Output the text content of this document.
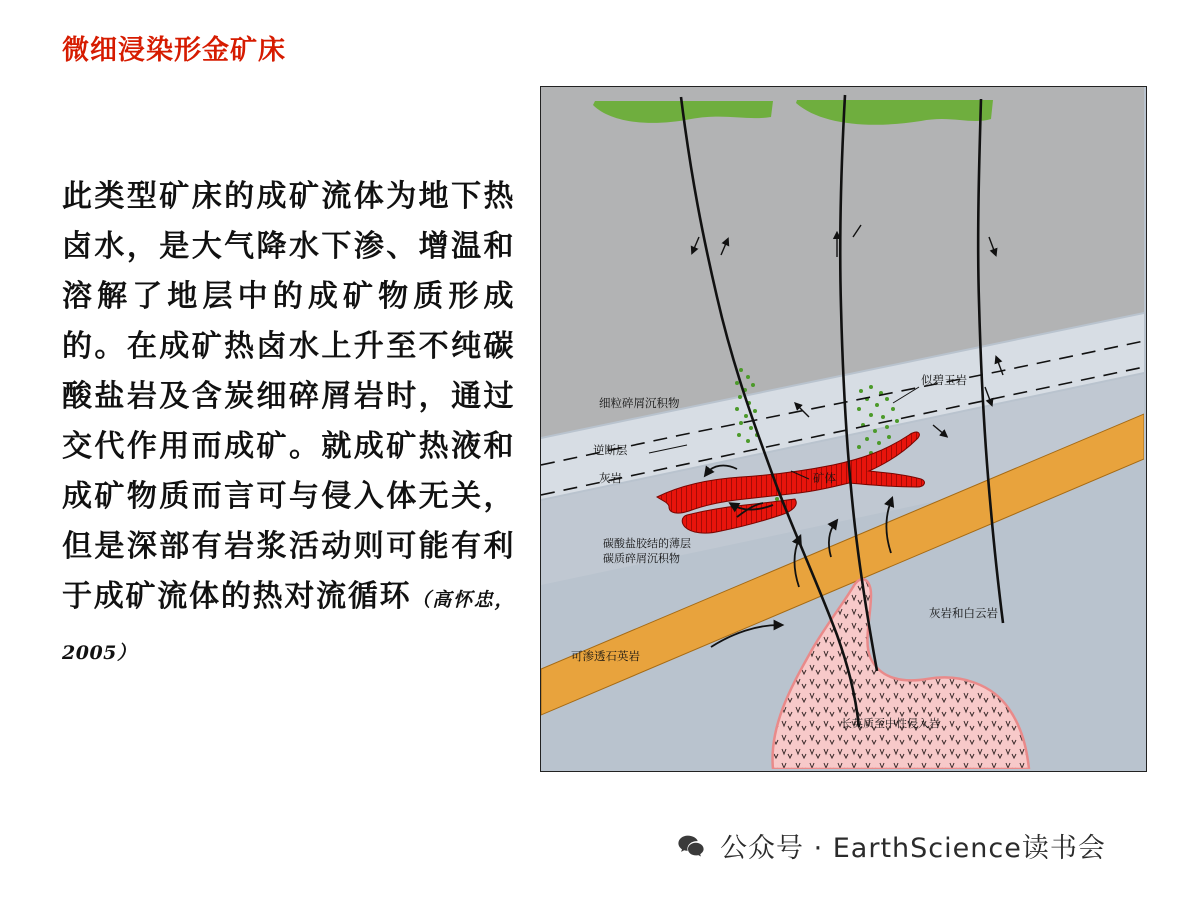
微细浸染形金矿床
此类型矿床的成矿流体为地下热卤水，是大气降水下渗、增温和溶解了地层中的成矿物质形成的。在成矿热卤水上升至不纯碳酸盐岩及含炭细碎屑岩时，通过交代作用而成矿。就成矿热液和成矿物质而言可与侵入体无关，但是深部有岩浆活动则可能有利于成矿流体的热对流循环（高怀忠，2005）
似碧玉岩
细粒碎屑沉积物
逆断层
灰岩	矿体
碳酸盐胶结的薄层
碳质碎屑沉积物
灰岩和白云岩
可渗透石英岩
长英质至中性侵入岩
公众号 · EarthScience读书会
